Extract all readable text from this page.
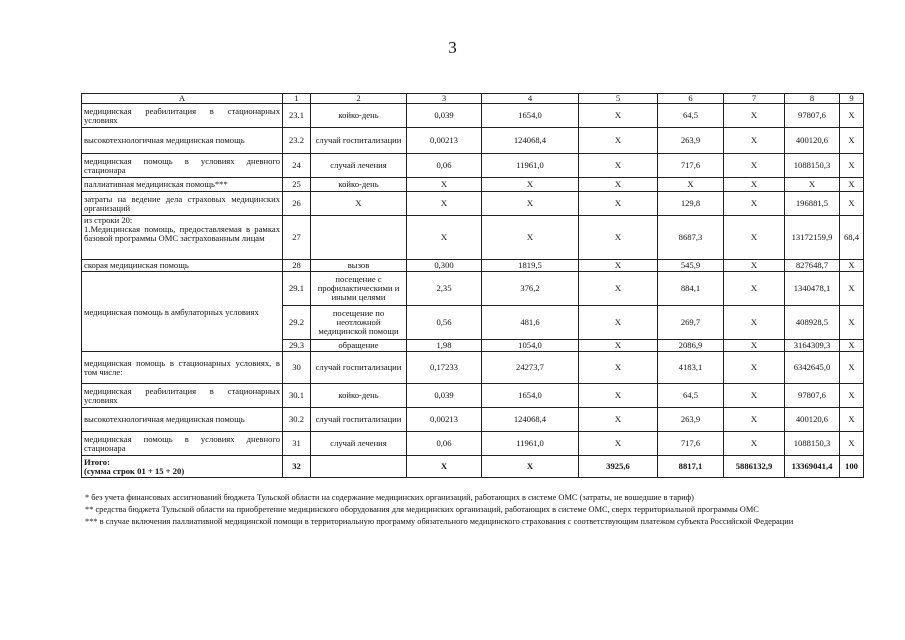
3
А	1	2	3	4	5	6	7	8	9
медицинская реабилитация в стационарных условиях	23.1	койко-день	0,039	1654,0	X	64,5	X	97807,6	X
высокотехнологичная медицинская помощь	23.2	случай госпитализации	0,00213	124068,4	X	263,9	X	400120,6	X
медицинская помощь в условиях дневного стационара	24	случай лечения	0,06	11961,0	X	717,6	X	1088150,3	X
паллиативная медицинская помощь***	25	койко-день	X	X	X	X	X	X	X
затраты на ведение дела страховых медицинских организаций	26	X	X	X	X	129,8	X	196881,5	X

из строки 20:
1.Медицинская помощь, предоставляемая в рамках базовой программы ОМС застрахованным лицам	27		X	X	X	8687,3	X	13172159,9	68,4
скорая медицинская помощь	28	вызов	0,300	1819,5	X	545,9	X	827648,7	X
медицинская помощь в амбулаторных условиях	29.1	посещение с профилактическими и иными целями	2,35	376,2	X	884,1	X	1340478,1	X
	29.2	посещение по неотложной медицинской помощи	0,56	481,6	X	269,7	X	408928,5	X
	29.3	обращение	1,98	1054,0	X	2086,9	X	3164309,3	X
медицинская помощь в стационарных условиях, в том числе:	30	случай госпитализации	0,17233	24273,7	X	4183,1	X	6342645,0	X
медицинская реабилитация в стационарных условиях	30.1	койко-день	0,039	1654,0	X	64,5	X	97807,6	X
высокотехнологичная медицинская помощь	30.2	случай госпитализации	0,00213	124068,4	X	263,9	X	400120,6	X
медицинская помощь в условиях дневного стационара	31	случай лечения	0,06	11961,0	X	717,6	X	1088150,3	X

Итого:
(сумма строк 01 + 15 + 20)	32		X	X	3925,6	8817,1	5886132,9	13369041,4	100

* без учета финансовых ассигнований бюджета Тульской области на содержание медицинских организаций, работающих в системе ОМС (затраты, не вошедшие в тариф)

** средства бюджета Тульской области на приобретение медицинского оборудования для медицинских организаций, работающих в системе ОМС, сверх территориальной программы ОМС

*** в случае включения паллиативной медицинской помощи в территориальную программу обязательного медицинского страхования с соответствующим платежом субъекта Российской Федерации
